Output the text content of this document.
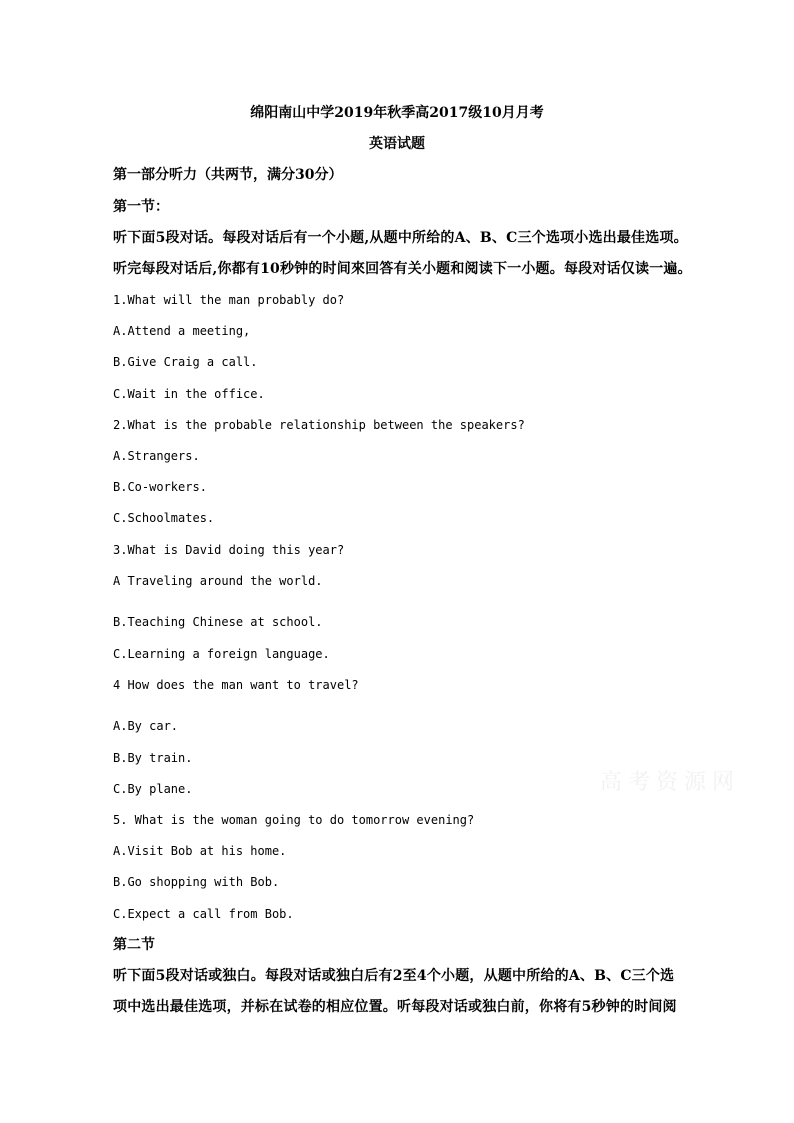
绵阳南山中学2019年秋季高2017级10月月考
英语试题
第一部分听力（共两节，满分30分）
第一节：
听下面5段对话。每段对话后有一个小题,从题中所给的A、B、C三个选项小选出最佳选项。
听完每段对话后,你都有10秒钟的时间來回答有关小题和阅读下一小题。每段对话仅读一遍。
1.What will the man probably do?
A.Attend a meeting,
B.Give Craig a call.
C.Wait in the office.
2.What is the probable relationship between the speakers?
A.Strangers.
B.Co-workers.
C.Schoolmates.
3.What is David doing this year?
A Traveling around the world.
B.Teaching Chinese at school.
C.Learning a foreign language.
4 How does the man want to travel?
A.By car.
B.By train.
C.By plane.
5. What is the woman going to do tomorrow evening?
A.Visit Bob at his home.
B.Go shopping with Bob.
C.Expect a call from Bob.
第二节
听下面5段对话或独白。每段对话或独白后有2至4个小题，从题中所给的A、B、C三个选
项中选出最佳选项，并标在试卷的相应位置。听每段对话或独白前，你将有5秒钟的时间阅
高考资源网
